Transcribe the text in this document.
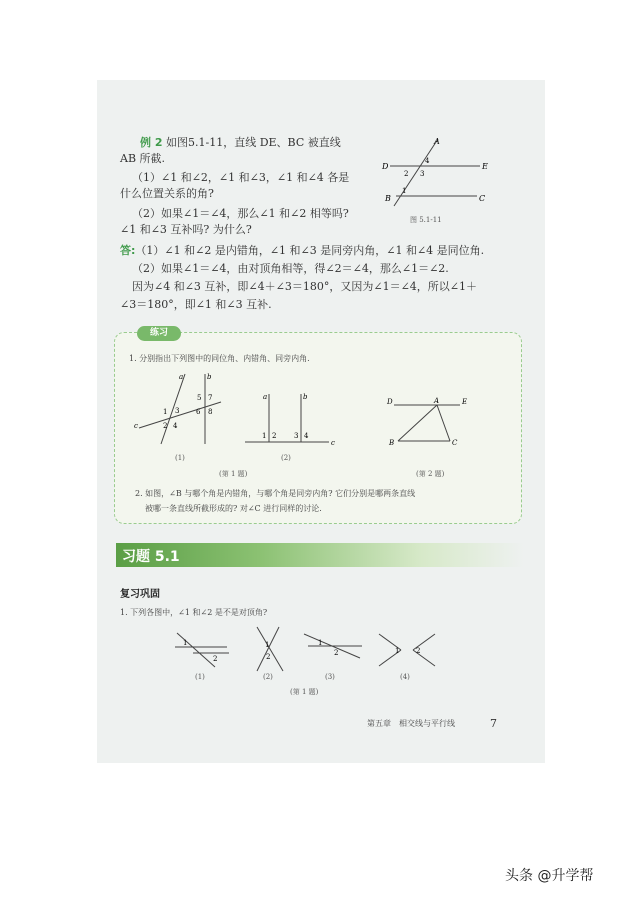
例 2 如图5.1-11，直线 DE、BC 被直线
AB 所截.
（1）∠1 和∠2，∠1 和∠3，∠1 和∠4 各是
什么位置关系的角?
（2）如果∠1＝∠4，那么∠1 和∠2 相等吗?
∠1 和∠3 互补吗? 为什么?
A
D	E
B	C
1
2 3
4
图 5.1-11
答:（1）∠1 和∠2 是内错角，∠1 和∠3 是同旁内角，∠1 和∠4 是同位角.
（2）如果∠1＝∠4，由对顶角相等，得∠2＝∠4，那么∠1＝∠2.
因为∠4 和∠3 互补，即∠4＋∠3＝180°，又因为∠1＝∠4，所以∠1＋
∠3＝180°，即∠1 和∠3 互补.
练习
1. 分别指出下列图中的同位角、内错角、同旁内角.
a	b
c
1 3
2 4
5 7
6 8
(1)
a	b
1 2	3 4
c
(2)
(第 1 题)
D	A	E
B	C
(第 2 题)
2. 如图，∠B 与哪个角是内错角，与哪个角是同旁内角? 它们分别是哪两条直线
被哪一条直线所截形成的? 对∠C 进行同样的讨论.
习题 5.1
复习巩固
1. 下列各图中，∠1 和∠2 是不是对顶角?
1
2
1
2
1
2	1 2
(1)	(2)	(3)	(4)
(第 1 题)
第五章　相交线与平行线	7
头条 @升学帮
